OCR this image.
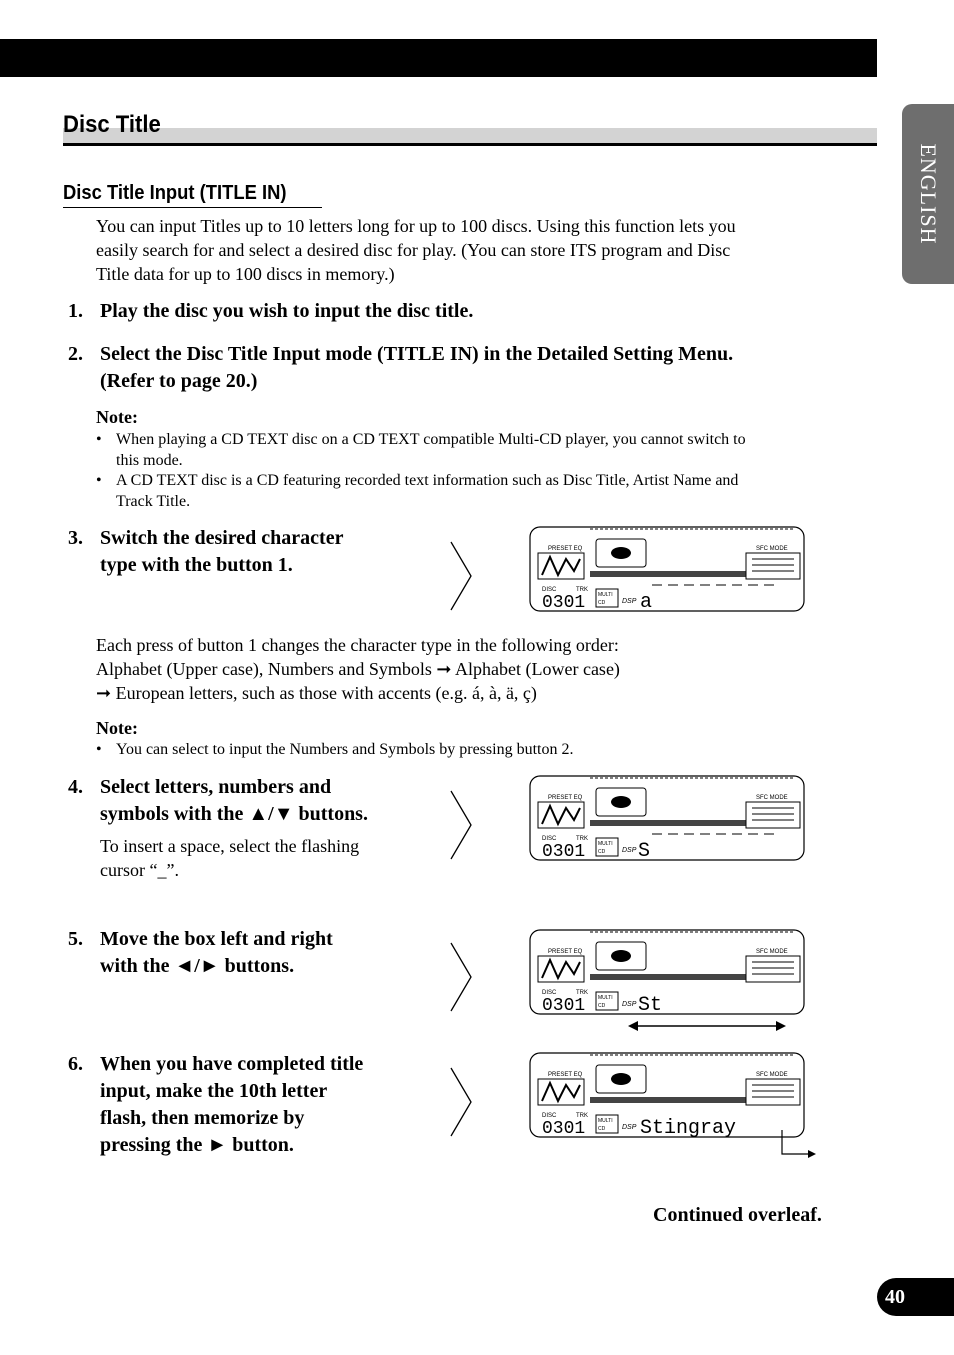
ENGLISH
Disc Title
Disc Title Input (TITLE IN)
You can input Titles up to 10 letters long for up to 100 discs. Using this function lets you
easily search for and select a desired disc for play. (You can store ITS program and Disc
Title data for up to 100 discs in memory.)
1. Play the disc you wish to input the disc title.
2. Select the Disc Title Input mode (TITLE IN) in the Detailed Setting Menu.
(Refer to page 20.)
Note:
• When playing a CD TEXT disc on a CD TEXT compatible Multi-CD player, you cannot switch to
this mode.
• A CD TEXT disc is a CD featuring recorded text information such as Disc Title, Artist Name and
Track Title.
3. Switch the desired character
type with the button 1.
Each press of button 1 changes the character type in the following order:
Alphabet (Upper case), Numbers and Symbols ➞ Alphabet (Lower case)
➞ European letters, such as those with accents (e.g. á, à, ä, ç)
Note:
• You can select to input the Numbers and Symbols by pressing button 2.
4. Select letters, numbers and
symbols with the ▲/▼ buttons.
To insert a space, select the flashing
cursor “_”.
5. Move the box left and right
with the ◄/► buttons.
6. When you have completed title
input, make the 10th letter
flash, then memorize by
pressing the ► button.
PRESET EQ	SFC MODE
DISC	TRK
0301	MULTI
CD DSP a
PRESET EQ	SFC MODE
DISC	TRK
0301	MULTI
CD DSP S
PRESET EQ	SFC MODE
DISC	TRK
0301	MULTI
CD DSP St
PRESET EQ	SFC MODE
DISC	TRK
0301	MULTI
CD DSP Stingray
Continued overleaf.
40
